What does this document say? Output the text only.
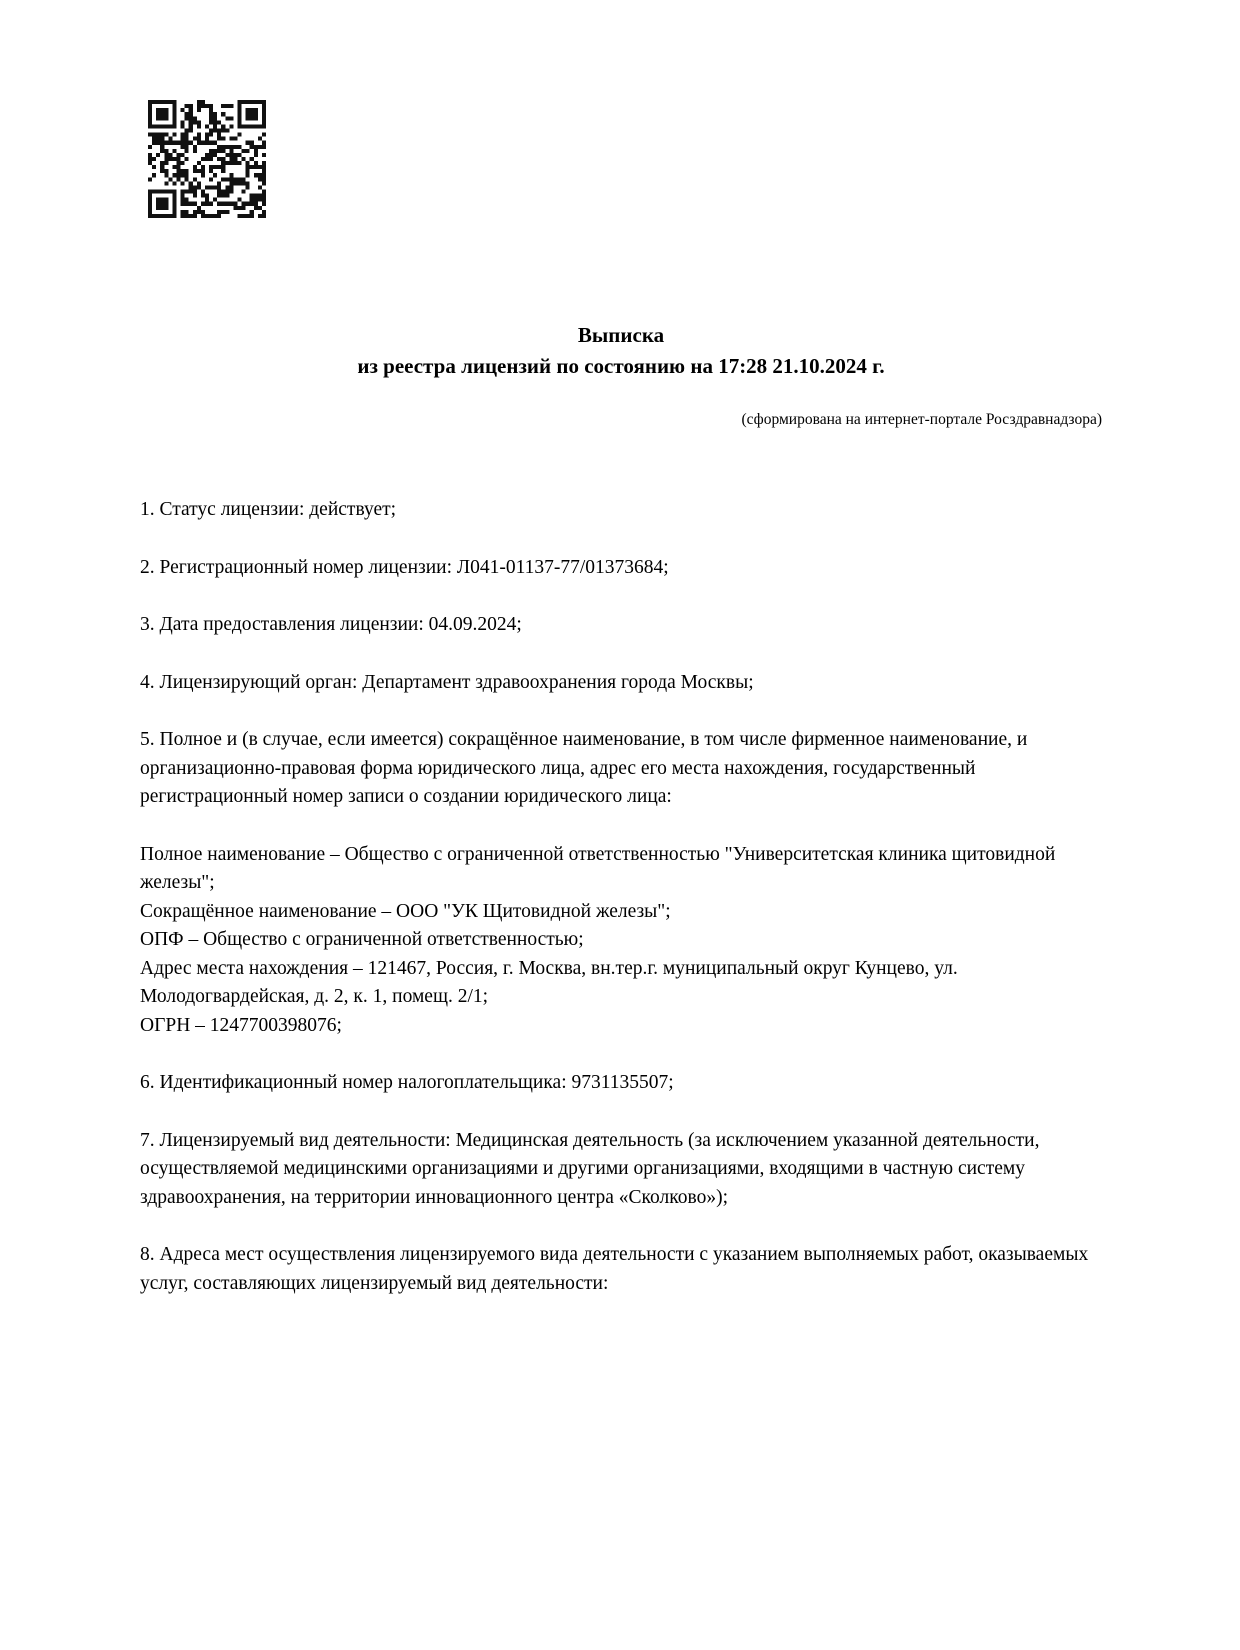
Выписка
из реестра лицензий по состоянию на 17:28 21.10.2024 г.
(сформирована на интернет-портале Росздравнадзора)
1. Статус лицензии: действует;
2. Регистрационный номер лицензии: Л041-01137-77/01373684;
3. Дата предоставления лицензии: 04.09.2024;
4. Лицензирующий орган: Департамент здравоохранения города Москвы;
5. Полное и (в случае, если имеется) сокращённое наименование, в том числе фирменное наименование, и организационно-правовая форма юридического лица, адрес его места нахождения, государственный регистрационный номер записи о создании юридического лица:
Полное наименование – Общество с ограниченной ответственностью "Университетская клиника щитовидной железы";
Сокращённое наименование – ООО "УК Щитовидной железы";
ОПФ – Общество с ограниченной ответственностью;
Адрес места нахождения – 121467, Россия, г. Москва, вн.тер.г. муниципальный округ Кунцево, ул. Молодогвардейская, д. 2, к. 1, помещ. 2/1;
ОГРН – 1247700398076;
6. Идентификационный номер налогоплательщика: 9731135507;
7. Лицензируемый вид деятельности: Медицинская деятельность (за исключением указанной деятельности, осуществляемой медицинскими организациями и другими организациями, входящими в частную систему здравоохранения, на территории инновационного центра «Сколково»);
8. Адреса мест осуществления лицензируемого вида деятельности с указанием выполняемых работ, оказываемых услуг, составляющих лицензируемый вид деятельности:
